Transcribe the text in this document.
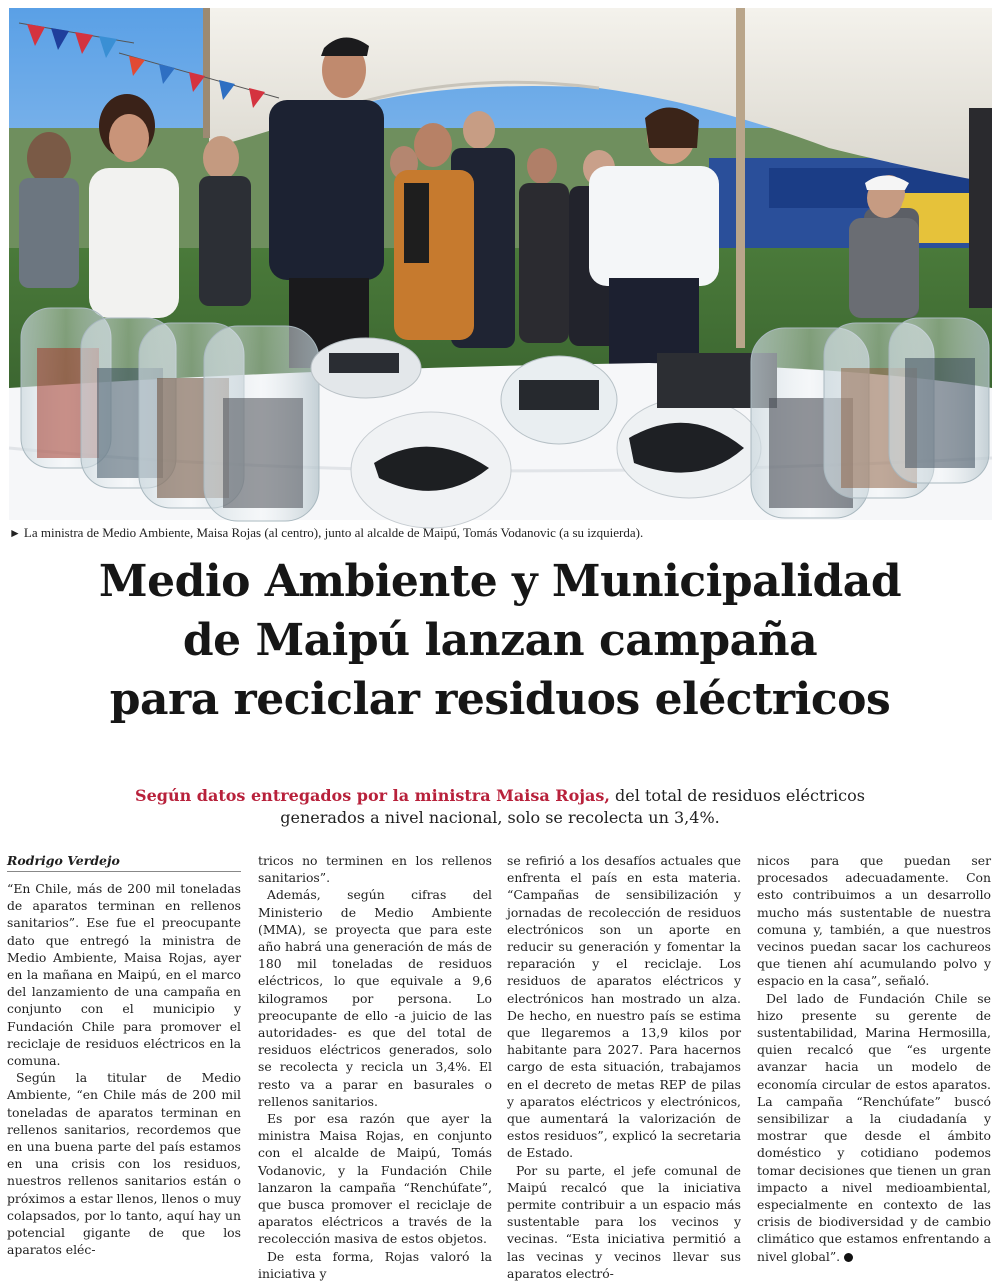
► La ministra de Medio Ambiente, Maisa Rojas (al centro), junto al alcalde de Maipú, Tomás Vodanovic (a su izquierda).
Medio Ambiente y Municipalidad
de Maipú lanzan campaña
para reciclar residuos eléctricos
Según datos entregados por la ministra Maisa Rojas, del total de residuos eléctricos
generados a nivel nacional, solo se recolecta un 3,4%.
Rodrigo Verdejo

“En Chile, más de 200 mil toneladas de aparatos terminan en rellenos sanitarios”. Ese fue el preocupante dato que entregó la ministra de Medio Ambiente, Maisa Rojas, ayer en la mañana en Maipú, en el marco del lanzamiento de una campaña en conjunto con el municipio y Fundación Chile para promover el reciclaje de residuos eléctricos en la comuna.

Según la titular de Medio Ambiente, “en Chile más de 200 mil toneladas de aparatos terminan en rellenos sanitarios, recordemos que en una buena parte del país estamos en una crisis con los residuos, nuestros rellenos sanitarios están o próximos a estar llenos, llenos o muy colapsados, por lo tanto, aquí hay un potencial gigante de que los aparatos eléc-

tricos no terminen en los rellenos sanitarios”.

Además, según cifras del Ministerio de Medio Ambiente (MMA), se proyecta que para este año habrá una generación de más de 180 mil toneladas de residuos eléctricos, lo que equivale a 9,6 kilogramos por persona. Lo preocupante de ello -a juicio de las autoridades- es que del total de residuos eléctricos generados, solo se recolecta y recicla un 3,4%. El resto va a parar en basurales o rellenos sanitarios.

Es por esa razón que ayer la ministra Maisa Rojas, en conjunto con el alcalde de Maipú, Tomás Vodanovic, y la Fundación Chile lanzaron la campaña “Renchúfate”, que busca promover el reciclaje de aparatos eléctricos a través de la recolección masiva de estos objetos.

De esta forma, Rojas valoró la iniciativa y

se refirió a los desafíos actuales que enfrenta el país en esta materia. “Campañas de sensibilización y jornadas de recolección de residuos electrónicos son un aporte en reducir su generación y fomentar la reparación y el reciclaje. Los residuos de aparatos eléctricos y electrónicos han mostrado un alza. De hecho, en nuestro país se estima que llegaremos a 13,9 kilos por habitante para 2027. Para hacernos cargo de esta situación, trabajamos en el decreto de metas REP de pilas y aparatos eléctricos y electrónicos, que aumentará la valorización de estos residuos”, explicó la secretaria de Estado.

Por su parte, el jefe comunal de Maipú recalcó que la iniciativa permite contribuir a un espacio más sustentable para los vecinos y vecinas. “Esta iniciativa permitió a las vecinas y vecinos llevar sus aparatos electró-

nicos para que puedan ser procesados adecuadamente. Con esto contribuimos a un desarrollo mucho más sustentable de nuestra comuna y, también, a que nuestros vecinos puedan sacar los cachureos que tienen ahí acumulando polvo y espacio en la casa”, señaló.

Del lado de Fundación Chile se hizo presente su gerente de sustentabilidad, Marina Hermosilla, quien recalcó que “es urgente avanzar hacia un modelo de economía circular de estos aparatos. La campaña “Renchúfate” buscó sensibilizar a la ciudadanía y mostrar que desde el ámbito doméstico y cotidiano podemos tomar decisiones que tienen un gran impacto a nivel medioambiental, especialmente en contexto de las crisis de biodiversidad y de cambio climático que estamos enfrentando a nivel global”.
